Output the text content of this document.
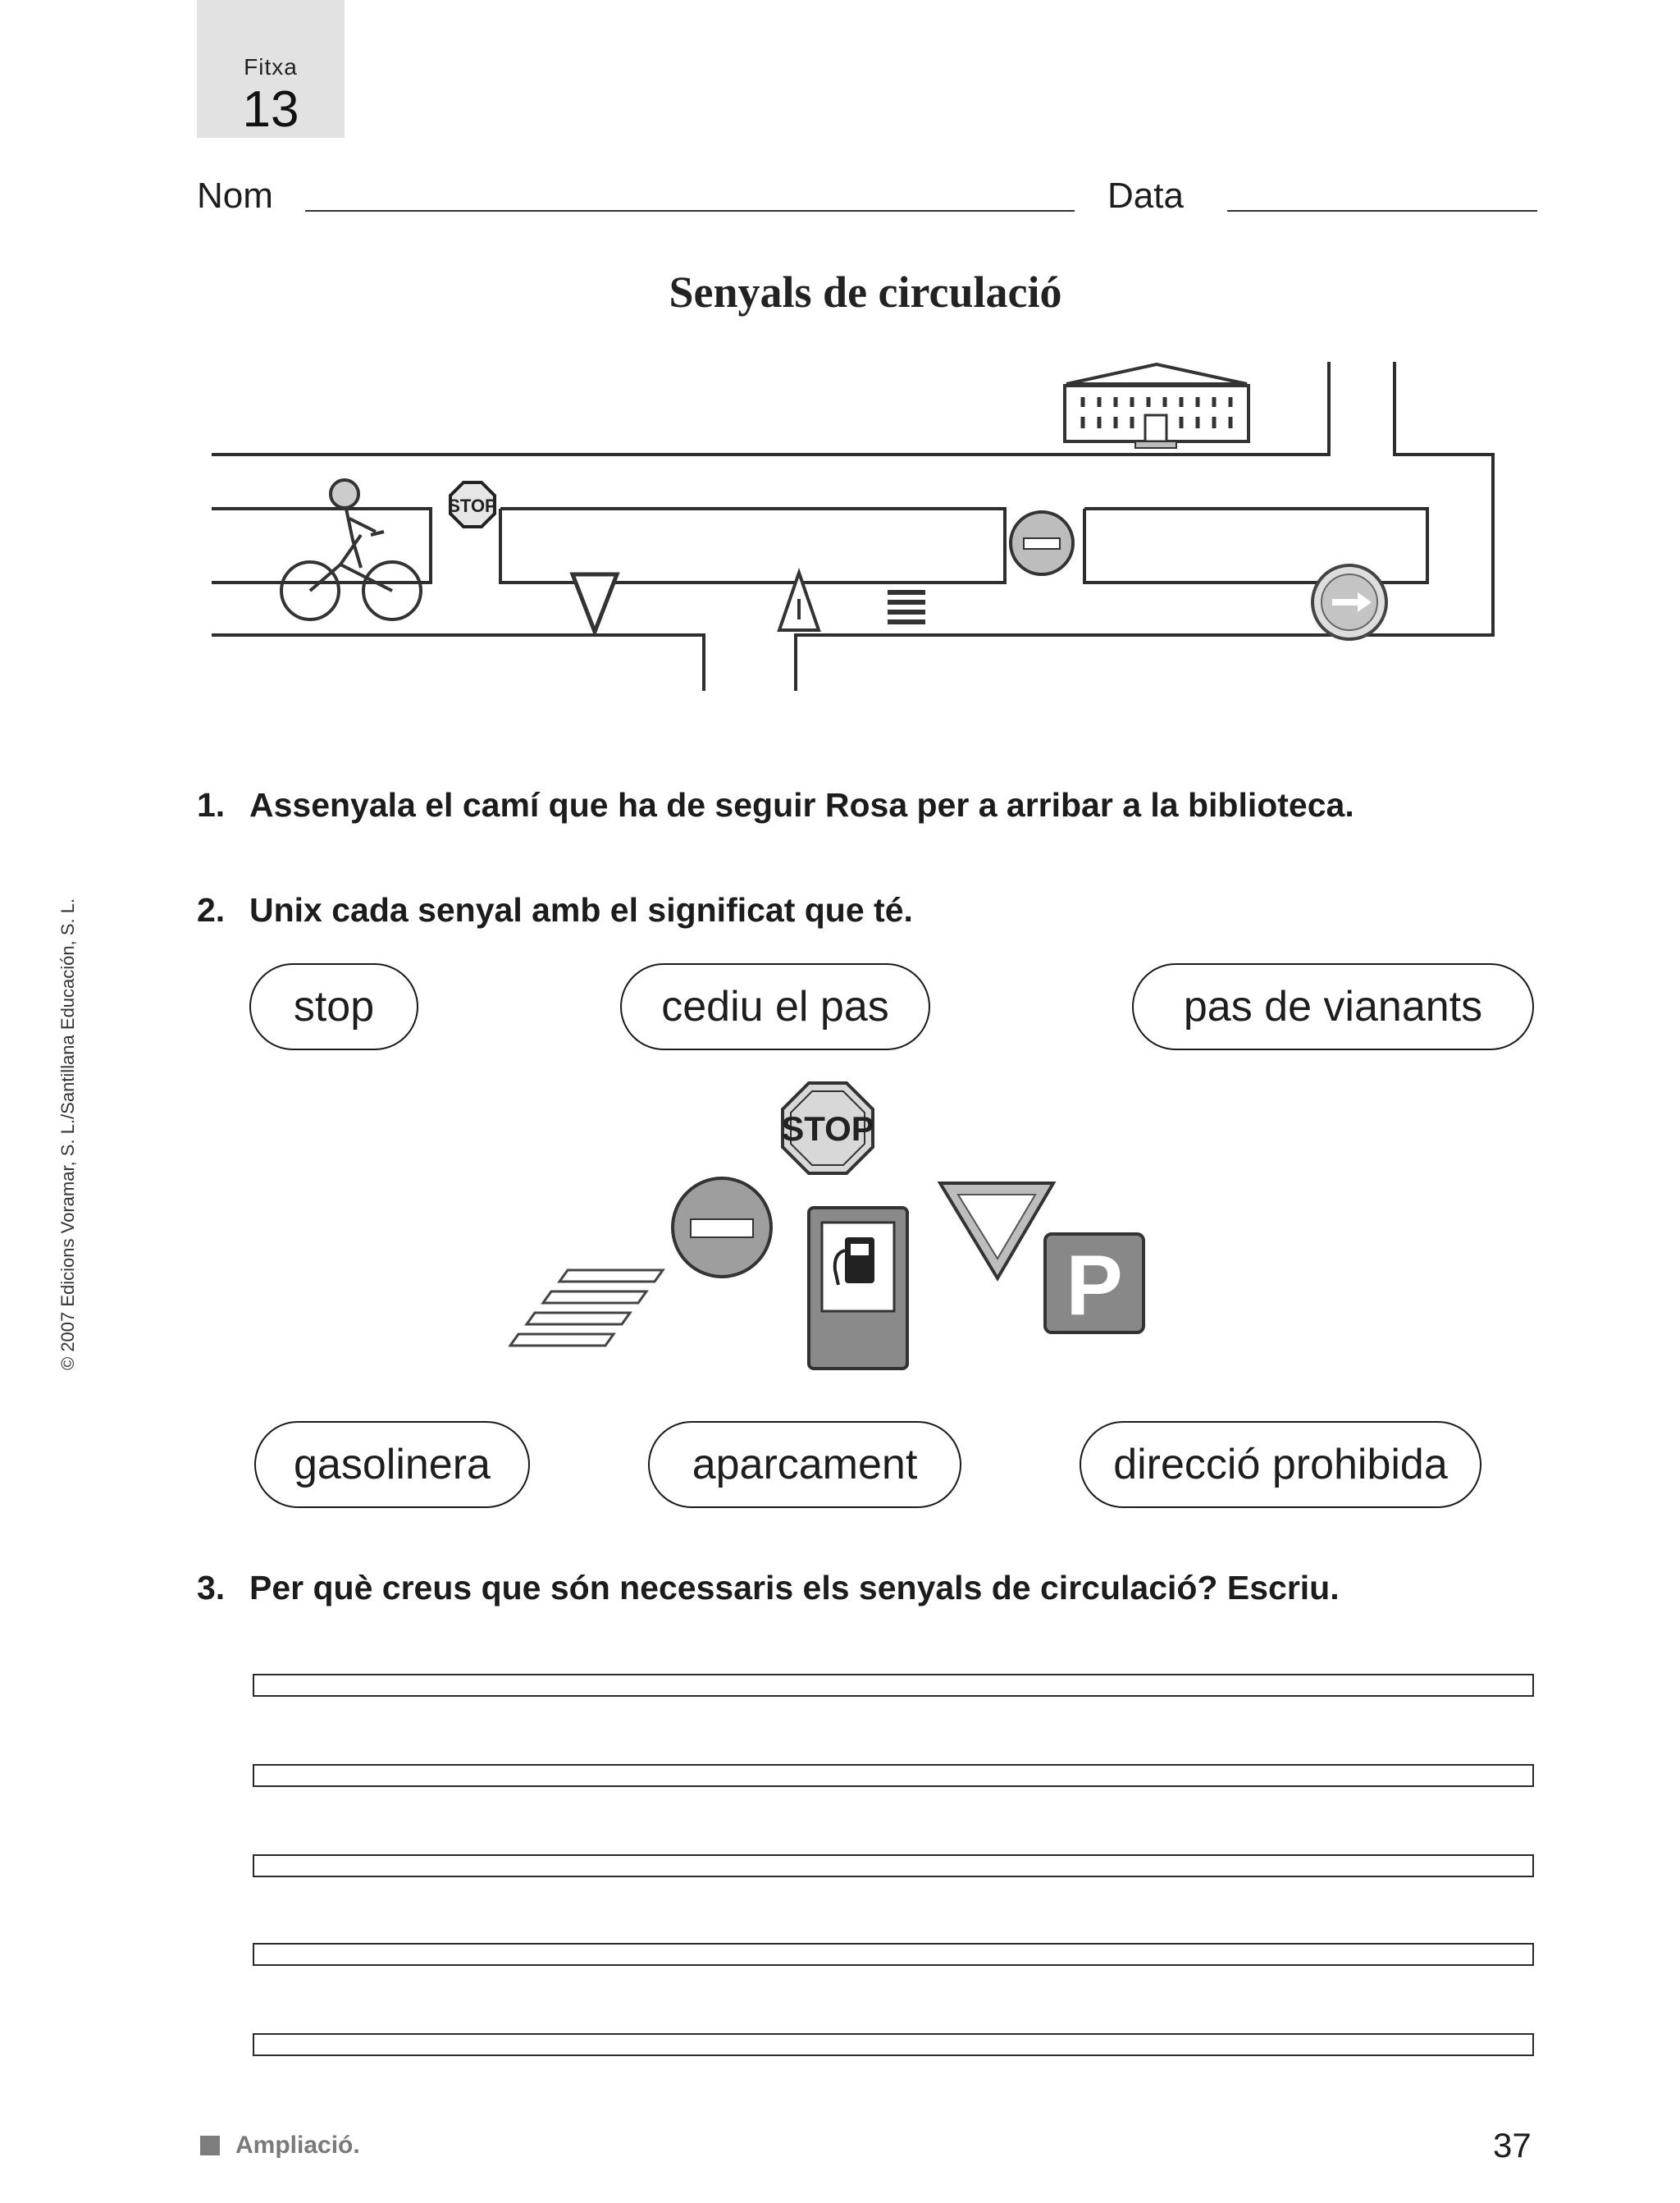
Fitxa
13
Nom	Data
Senyals de circulació
STOP
1. Assenyala el camí que ha de seguir Rosa per a arribar a la biblioteca.
2. Unix cada senyal amb el significat que té.
stop	cediu el pas	pas de vianants
STOP
P
gasolinera	aparcament	direcció prohibida
3. Per què creus que són necessaris els senyals de circulació? Escriu.
© 2007 Edicions Voramar, S. L./Santillana Educación, S. L.
Ampliació.	37
